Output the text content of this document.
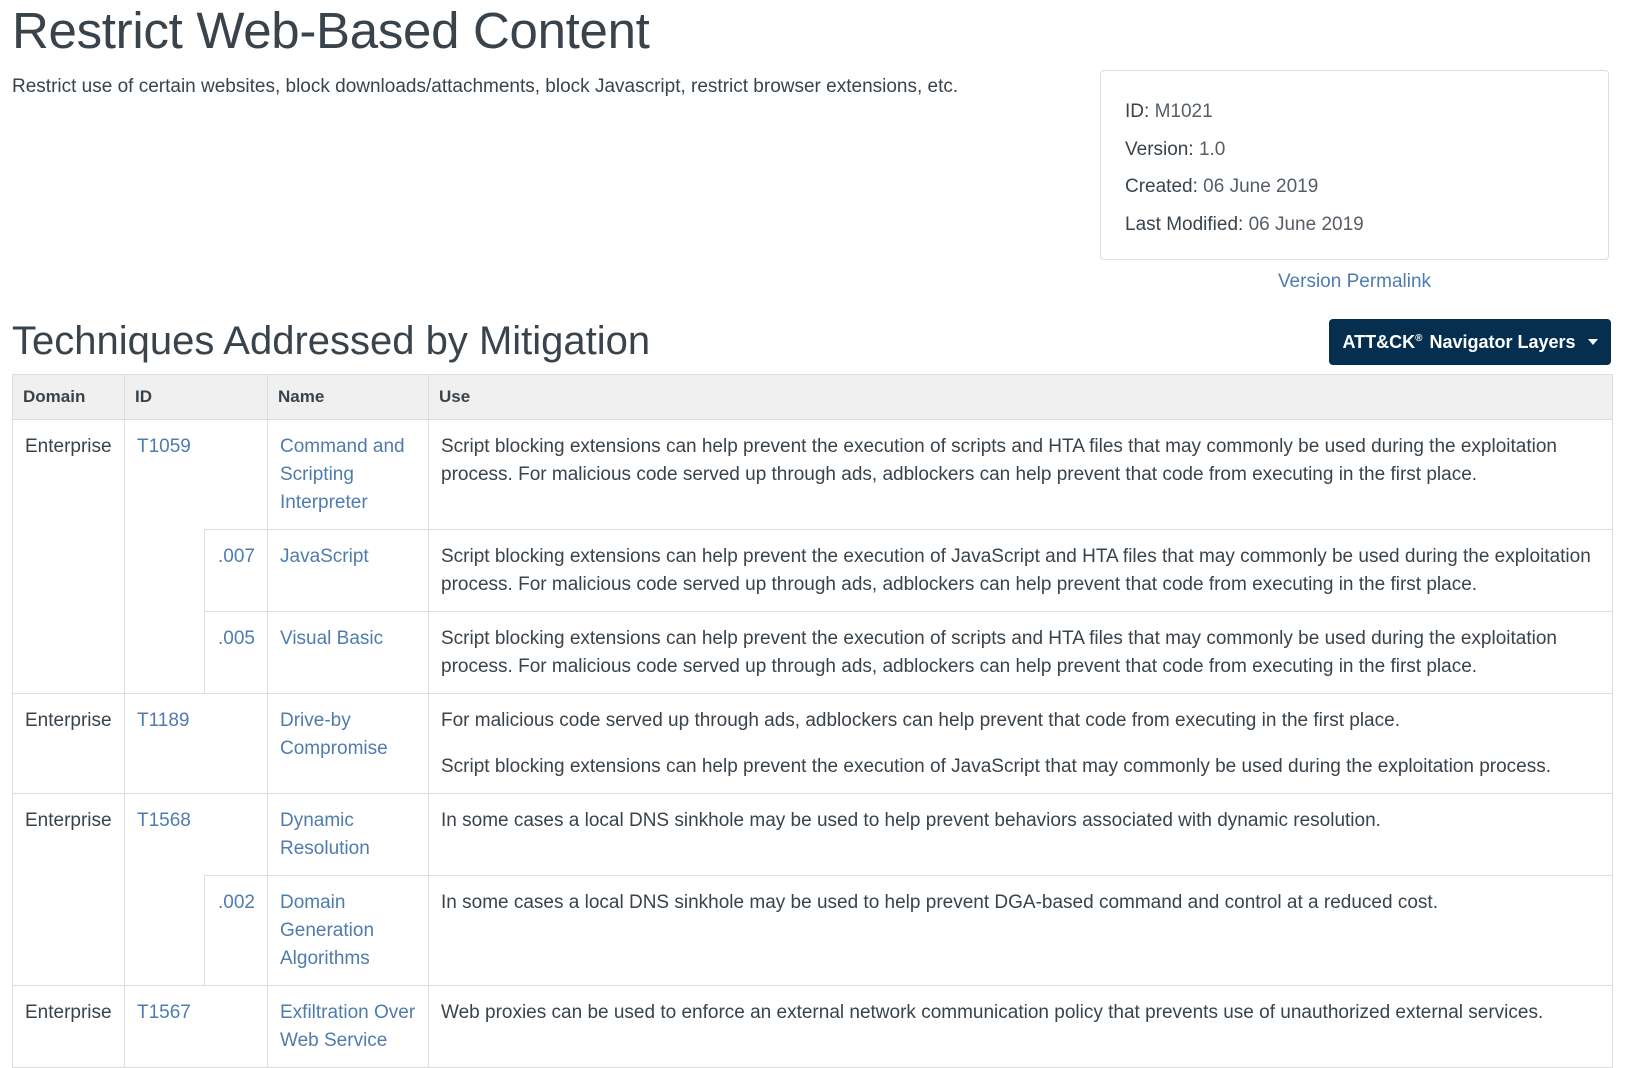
Restrict Web-Based Content
Restrict use of certain websites, block downloads/attachments, block Javascript, restrict browser extensions, etc.
ID: M1021
Version: 1.0
Created: 06 June 2019
Last Modified: 06 June 2019
Version Permalink
Techniques Addressed by Mitigation	ATT&CK®
Navigator Layers
Domain	ID		Name	Use
Enterprise	T1059		Command and Scripting Interpreter	Script blocking extensions can help prevent the execution of scripts and HTA files that may commonly be used during the exploitation process. For malicious code served up through ads, adblockers can help prevent that code from executing in the first place.

		.007	JavaScript	Script blocking extensions can help prevent the execution of JavaScript and HTA files that may commonly be used during the exploitation process. For malicious code served up through ads, adblockers can help prevent that code from executing in the first place.

		.005	Visual Basic	Script blocking extensions can help prevent the execution of scripts and HTA files that may commonly be used during the exploitation process. For malicious code served up through ads, adblockers can help prevent that code from executing in the first place.

Enterprise	T1189		Drive-by Compromise	For malicious code served up through ads, adblockers can help prevent that code from executing in the first place.

Script blocking extensions can help prevent the execution of JavaScript that may commonly be used during the exploitation process.

Enterprise	T1568		Dynamic Resolution	In some cases a local DNS sinkhole may be used to help prevent behaviors associated with dynamic resolution.

		.002	Domain Generation Algorithms	In some cases a local DNS sinkhole may be used to help prevent DGA-based command and control at a reduced cost.

Enterprise	T1567		Exfiltration Over Web Service	Web proxies can be used to enforce an external network communication policy that prevents use of unauthorized external services.
